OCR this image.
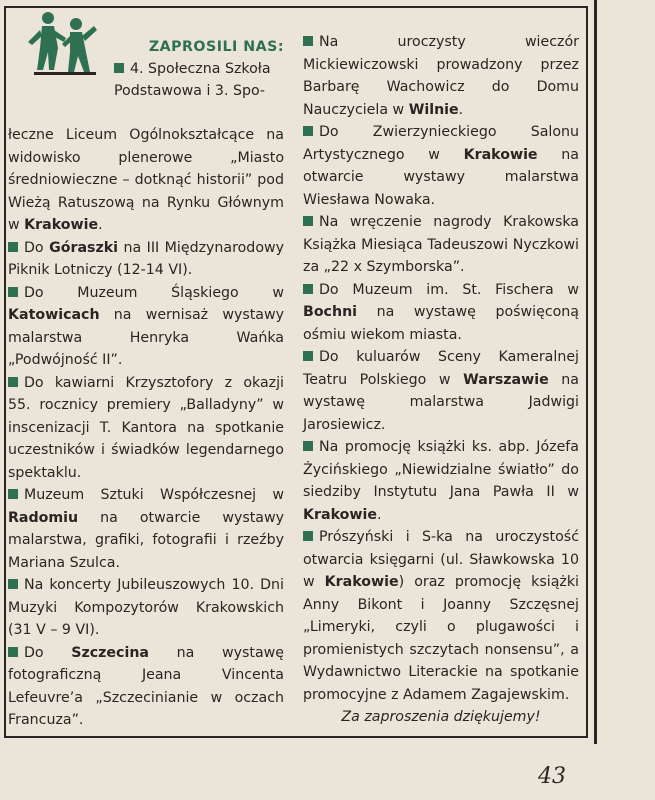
ZAPROSILI NAS:
4. Społeczna Szkoła
Podstawowa i 3. Spo-
łeczne Liceum Ogólnokształcące na widowisko plenerowe „Miasto średniowieczne – dotknąć historii” pod Wieżą Ratuszową na Rynku Głównym w Krakowie.

Do Góraszki na III Międzynarodowy Piknik Lotniczy (12-14 VI).

Do Muzeum Śląskiego w Katowicach na wernisaż wystawy malarstwa Henryka Wańka „Podwójność II”.

Do kawiarni Krzysztofory z okazji 55. rocznicy premiery „Balladyny” w inscenizacji T. Kantora na spotkanie uczestników i świadków legendarnego spektaklu.

Muzeum Sztuki Współczesnej w Radomiu na otwarcie wystawy malarstwa, grafiki, fotografii i rzeźby Mariana Szulca.

Na koncerty Jubileuszowych 10. Dni Muzyki Kompozytorów Krakowskich (31 V – 9 VI).

Do Szczecina na wystawę fotograficzną Jeana Vincenta Lefeuvre’a „Szczecinianie w oczach Francuza”.

Na uroczysty wieczór Mickiewiczowski prowadzony przez Barbarę Wachowicz do Domu Nauczyciela w Wilnie.

Do Zwierzynieckiego Salonu Artystycznego w Krakowie na otwarcie wystawy malarstwa Wiesława Nowaka.

Na wręczenie nagrody Krakowska Książka Miesiąca Tadeuszowi Nyczkowi za „22 x Szymborska”.

Do Muzeum im. St. Fischera w Bochni na wystawę poświęconą ośmiu wiekom miasta.

Do kuluarów Sceny Kameralnej Teatru Polskiego w Warszawie na wystawę malarstwa Jadwigi Jarosiewicz.

Na promocję książki ks. abp. Józefa Życińskiego „Niewidzialne światło” do siedziby Instytutu Jana Pawła II w Krakowie.

Prószyński i S-ka na uroczystość otwarcia księgarni (ul. Sławkowska 10 w Krakowie) oraz promocję książki Anny Bikont i Joanny Szczęsnej „Limeryki, czyli o plugawości i promienistych szczytach nonsensu”, a Wydawnictwo Literackie na spotkanie promocyjne z Adamem Zagajewskim.

Za zaproszenia dziękujemy!

43
